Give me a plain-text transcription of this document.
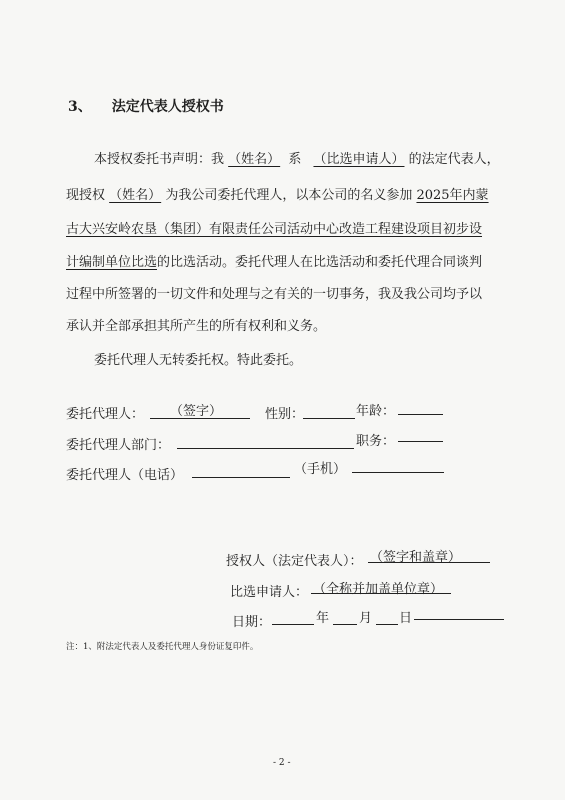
3、 法定代表人授权书
本授权委托书声明：我 （姓名） 系 （比选申请人） 的法定代表人，
现授权 （姓名） 为我公司委托代理人，以本公司的名义参加 2025年内蒙
古大兴安岭农垦（集团）有限责任公司活动中心改造工程建设项目初步设
计编制单位比选的比选活动。委托代理人在比选活动和委托代理合同谈判
过程中所签署的一切文件和处理与之有关的一切事务，我及我公司均予以
承认并全部承担其所产生的所有权利和义务。
委托代理人无转委托权。特此委托。
委托代理人： （签字）	性别：	年龄：
委托代理人部门：	职务：
委托代理人（电话）	（手机）
授权人（法定代表人）： （签字和盖章）
比选申请人： （全称并加盖单位章）
日期：	年 月 日
注：1、附法定代表人及委托代理人身份证复印件。
- 2 -
